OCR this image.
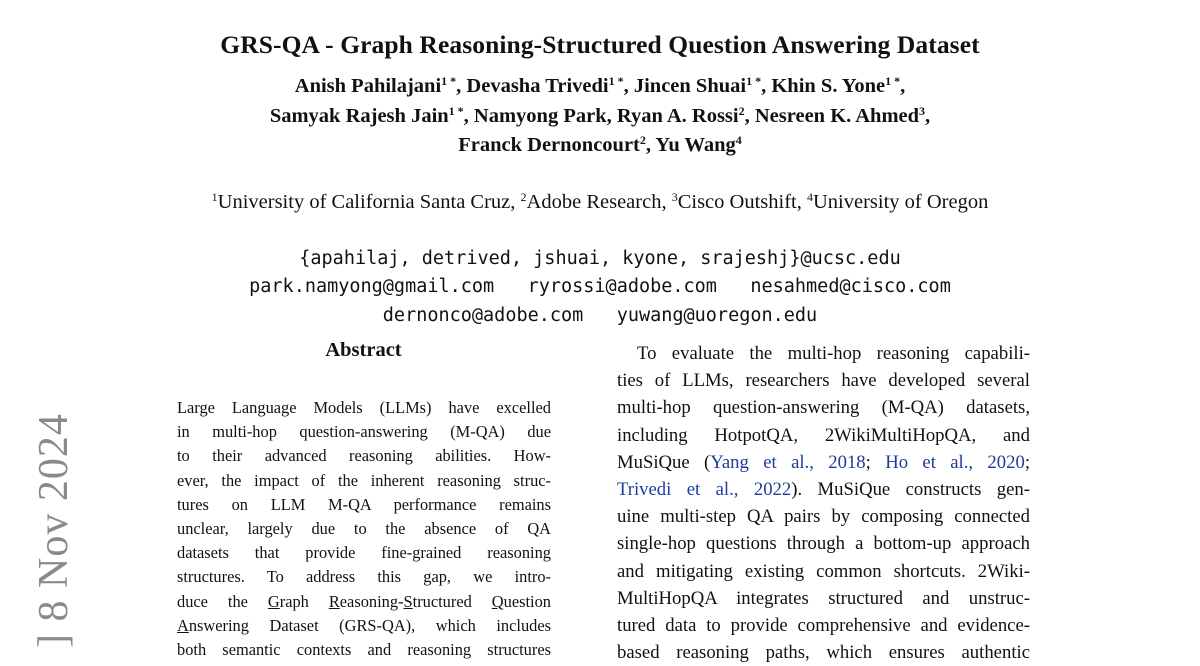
GRS-QA - Graph Reasoning-Structured Question Answering Dataset
Anish Pahilajani$^{1 *}$, Devasha Trivedi$^{1 *}$, Jincen Shuai$^{1 *}$, Khin S. Yone$^{1 *}$,
Samyak Rajesh Jain$^{1 *}$, Namyong Park, Ryan A. Rossi$^2$, Nesreen K. Ahmed$^3$,
Franck Dernoncourt$^2$, Yu Wang$^4$
$^1$University of California Santa Cruz, $^2$Adobe Research, $^3$Cisco Outshift, $^4$University of Oregon
{apahilaj, detrived, jshuai, kyone, srajeshj}@ucsc.edu
park.namyong@gmail.com   ryrossi@adobe.com   nesahmed@cisco.com
dernonco@adobe.com   yuwang@uoregon.edu
Abstract

Large Language Models (LLMs) have excelled

in multi-hop question-answering (M-QA) due

to their advanced reasoning abilities. How-

ever, the impact of the inherent reasoning struc-

tures on LLM M-QA performance remains

unclear, largely due to the absence of QA

datasets that provide fine-grained reasoning

structures. To address this gap, we intro-

duce the Graph Reasoning-Structured Question

Answering Dataset (GRS-QA), which includes

both semantic contexts and reasoning structures

To evaluate the multi-hop reasoning capabili-

ties of LLMs, researchers have developed several

multi-hop question-answering (M-QA) datasets,

including HotpotQA, 2WikiMultiHopQA, and

MuSiQue (Yang et al., 2018; Ho et al., 2020;

Trivedi et al., 2022). MuSiQue constructs gen-

uine multi-step QA pairs by composing connected

single-hop questions through a bottom-up approach

and mitigating existing common shortcuts. 2Wiki-

MultiHopQA integrates structured and unstruc-

tured data to provide comprehensive and evidence-

based reasoning paths, which ensures authentic

] 8 Nov 2024
